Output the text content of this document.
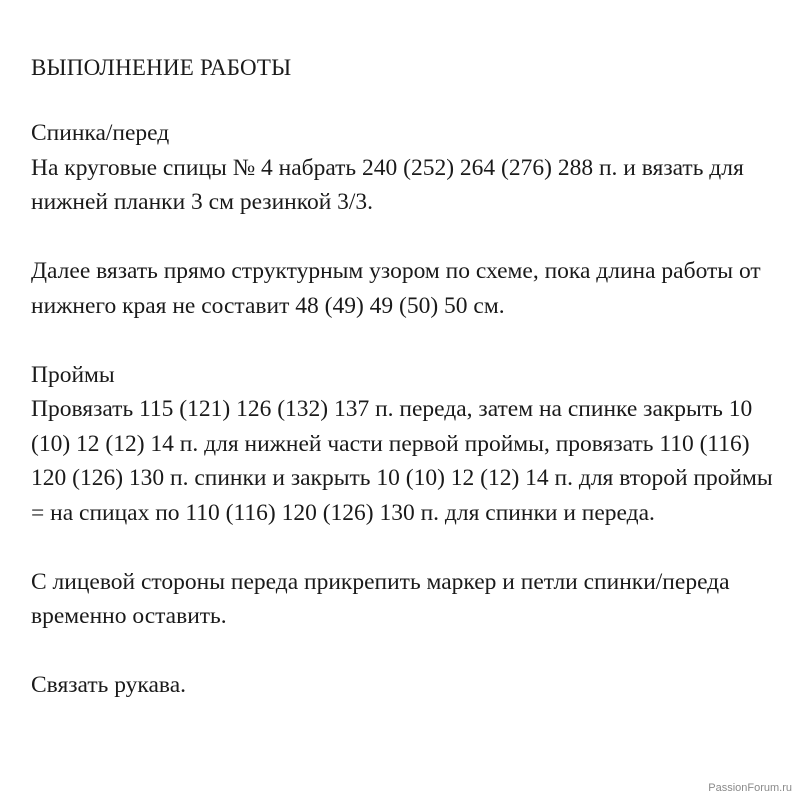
ВЫПОЛНЕНИЕ РАБОТЫ
Спинка/перед
На круговые спицы № 4 набрать 240 (252) 264 (276) 288 п. и вязать для нижней планки 3 см резинкой 3/3.
Далее вязать прямо структурным узором по схеме, пока длина работы от нижнего края не составит 48 (49) 49 (50) 50 см.
Проймы
Провязать 115 (121) 126 (132) 137 п. переда, затем на спинке закрыть 10 (10) 12 (12) 14 п. для нижней части первой проймы, провязать 110 (116) 120 (126) 130 п. спинки и закрыть 10 (10) 12 (12) 14 п. для второй проймы = на спицах по 110 (116) 120 (126) 130 п. для спинки и переда.
С лицевой стороны переда прикрепить маркер и петли спинки/переда временно оставить.
Связать рукава.
PassionForum.ru
